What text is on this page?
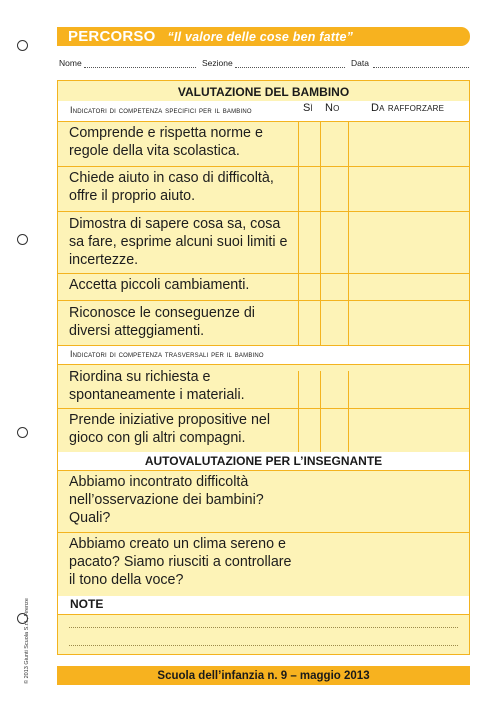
PERCORSO “Il valore delle cose ben fatte”
Nome	Sezione	Data
VALUTAZIONE DEL BAMBINO
Indicatori di competenza specifici per il bambino	Sì No	Da rafforzare
Comprende e rispetta norme e regole della vita scolastica.
Chiede aiuto in caso di difficoltà, offre il proprio aiuto.
Dimostra di sapere cosa sa, cosa sa fare, esprime alcuni suoi limiti e incertezze.
Accetta piccoli cambiamenti.
Riconosce le conseguenze di diversi atteggiamenti.
Indicatori di competenza trasversali per il bambino
Riordina su richiesta e spontaneamente i materiali.
Prende iniziative propositive nel gioco con gli altri compagni.
AUTOVALUTAZIONE PER L’INSEGNANTE
Abbiamo incontrato difficoltà nell’osservazione dei bambini? Quali?
Abbiamo creato un clima sereno e pacato? Siamo riusciti a controllare il tono della voce?
NOTE
Scuola dell’infanzia n. 9 – maggio 2013
© 2013 Giunti Scuola S.r.l., Firenze
